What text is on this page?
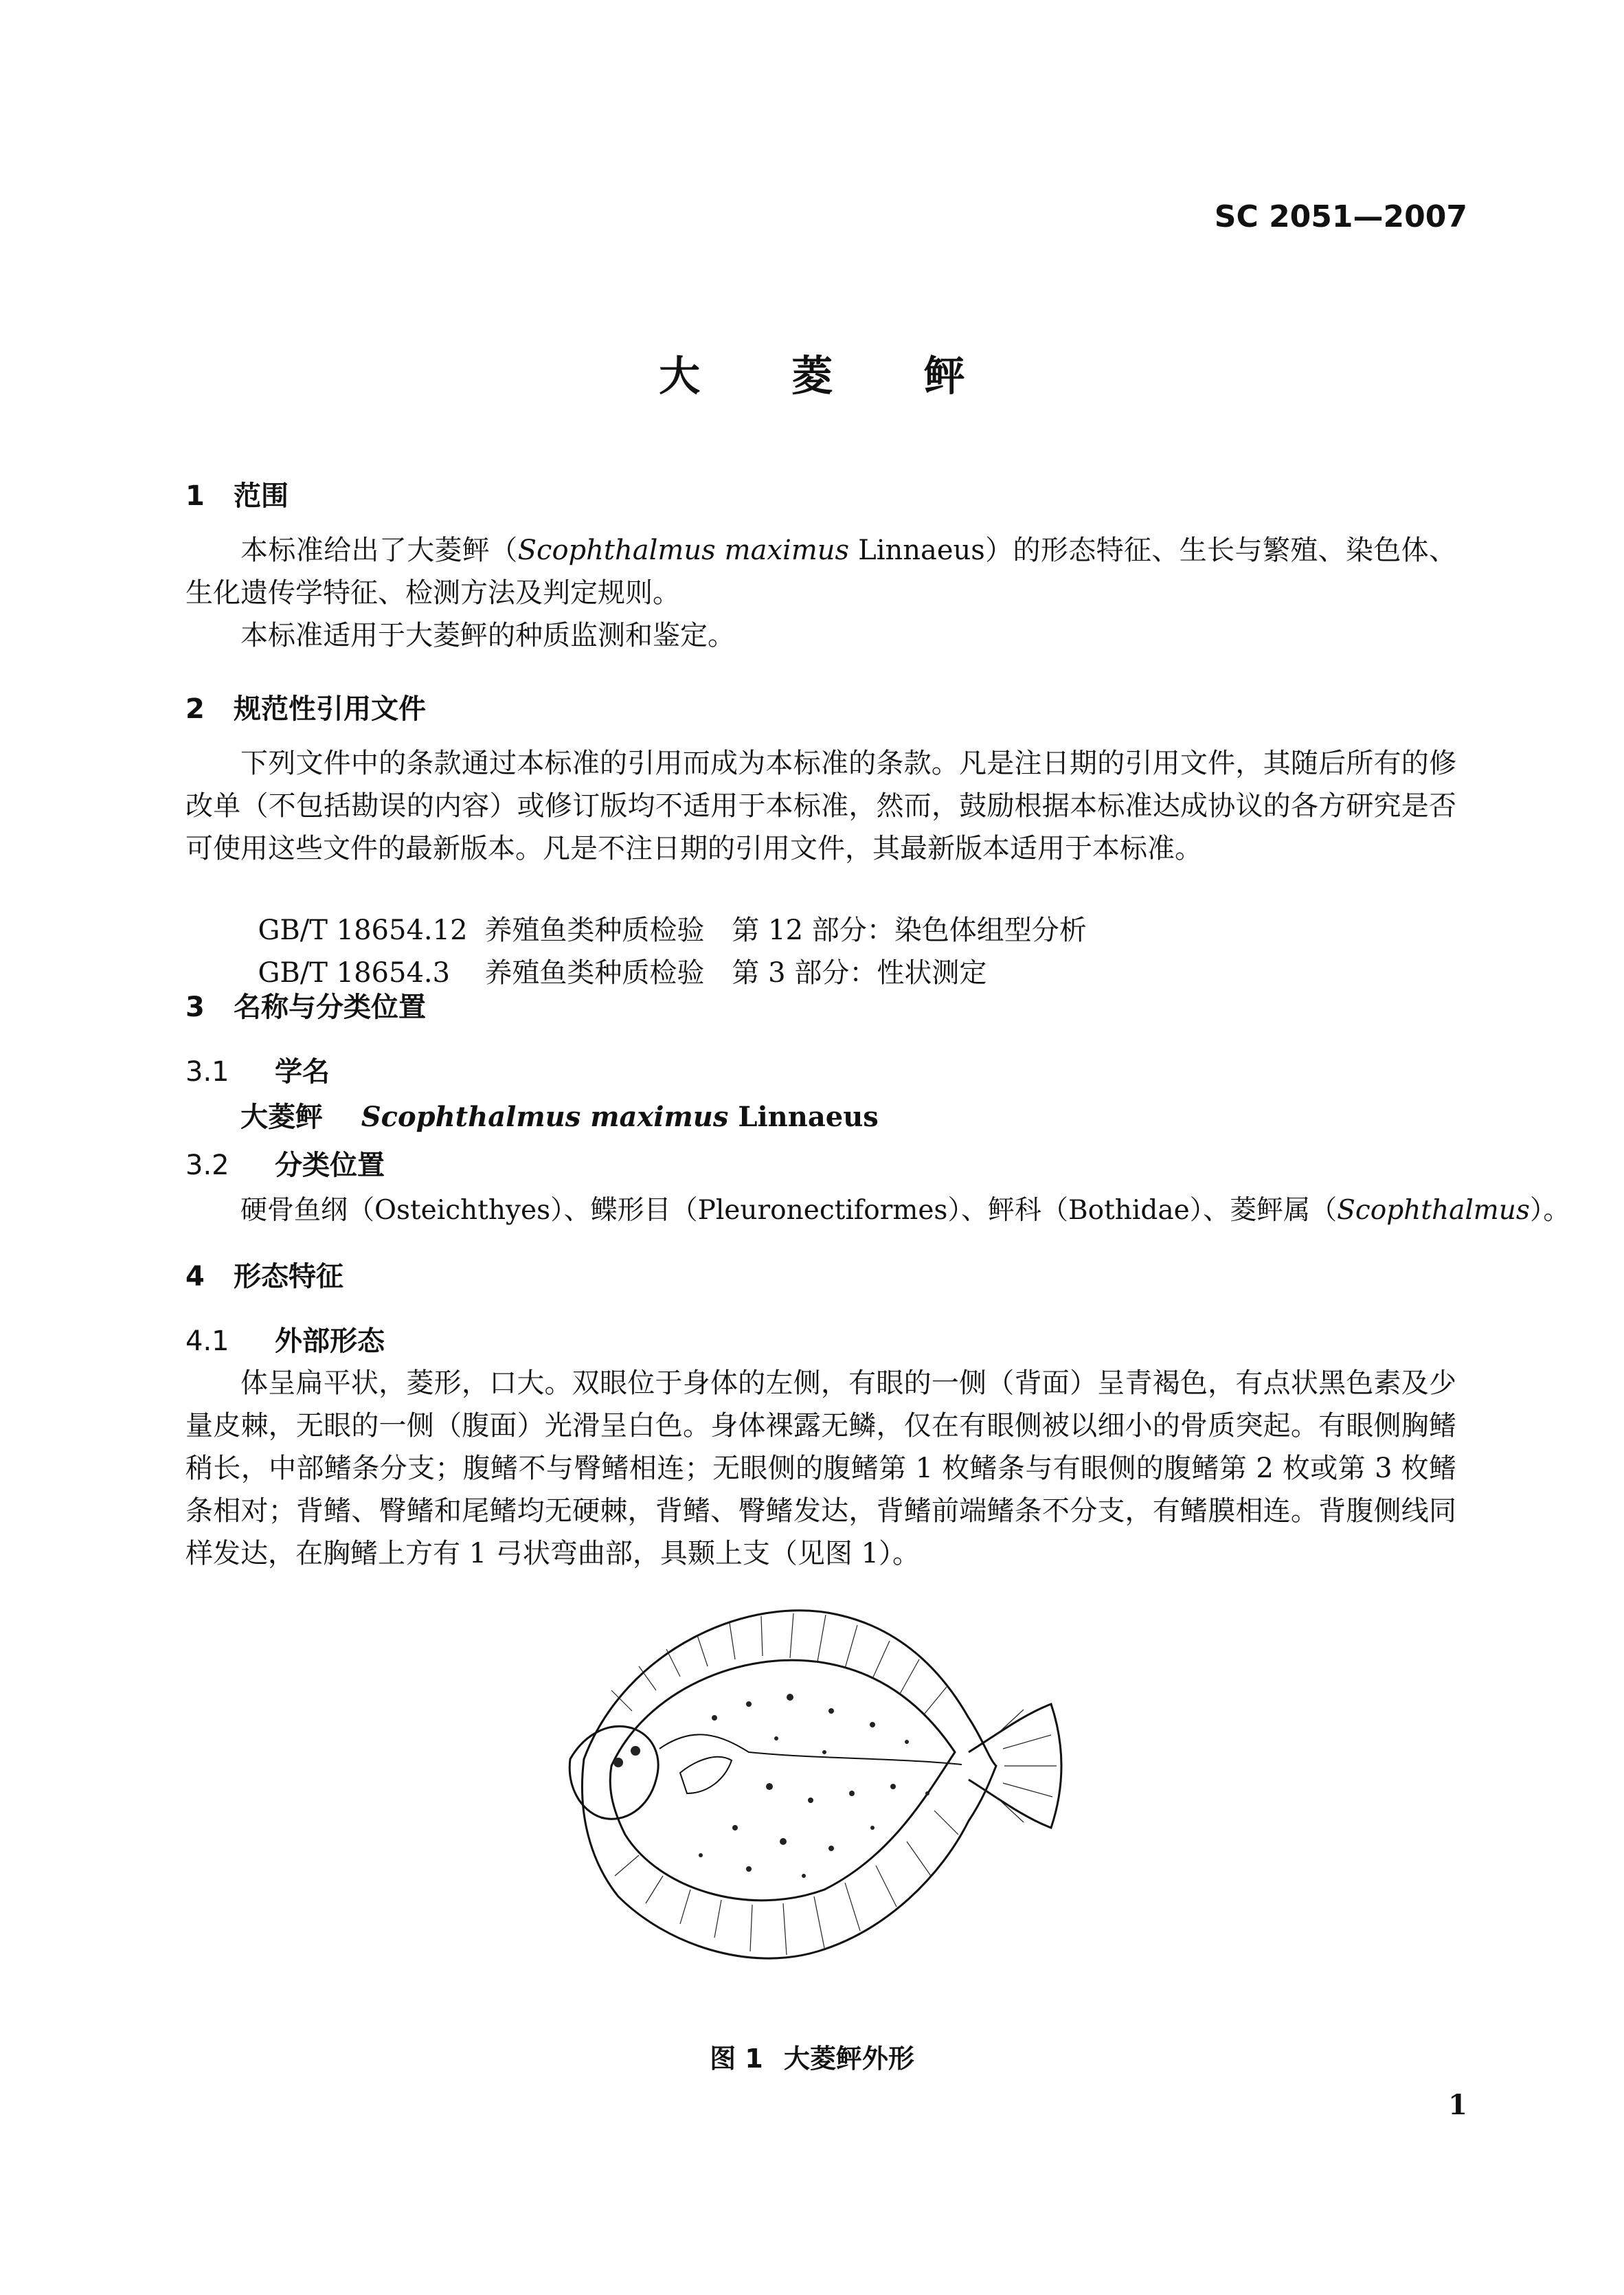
SC 2051—2007
大 菱 鲆
1 范围

本标准给出了大菱鲆（Scophthalmus maximus Linnaeus）的形态特征、生长与繁殖、染色体、生化遗传学特征、检测方法及判定规则。

本标准适用于大菱鲆的种质监测和鉴定。

2 规范性引用文件

下列文件中的条款通过本标准的引用而成为本标准的条款。凡是注日期的引用文件，其随后所有的修改单（不包括勘误的内容）或修订版均不适用于本标准，然而，鼓励根据本标准达成协议的各方研究是否可使用这些文件的最新版本。凡是不注日期的引用文件，其最新版本适用于本标准。

GB/T 18654.12 养殖鱼类种质检验　第 12 部分：染色体组型分析

GB/T 18654.3 养殖鱼类种质检验　第 3 部分：性状测定

3 名称与分类位置
3.1 学名
大菱鲆 Scophthalmus maximus Linnaeus
3.2 分类位置
硬骨鱼纲（Osteichthyes）、鲽形目（Pleuronectiformes）、鲆科（Bothidae）、菱鲆属（Scophthalmus）。
4 形态特征
4.1 外部形态

体呈扁平状，菱形，口大。双眼位于身体的左侧，有眼的一侧（背面）呈青褐色，有点状黑色素及少量皮棘，无眼的一侧（腹面）光滑呈白色。身体裸露无鳞，仅在有眼侧被以细小的骨质突起。有眼侧胸鳍稍长，中部鳍条分支；腹鳍不与臀鳍相连；无眼侧的腹鳍第 1 枚鳍条与有眼侧的腹鳍第 2 枚或第 3 枚鳍条相对；背鳍、臀鳍和尾鳍均无硬棘，背鳍、臀鳍发达，背鳍前端鳍条不分支，有鳍膜相连。背腹侧线同样发达，在胸鳍上方有 1 弓状弯曲部，具颞上支（见图 1）。

图 1 大菱鲆外形
1
